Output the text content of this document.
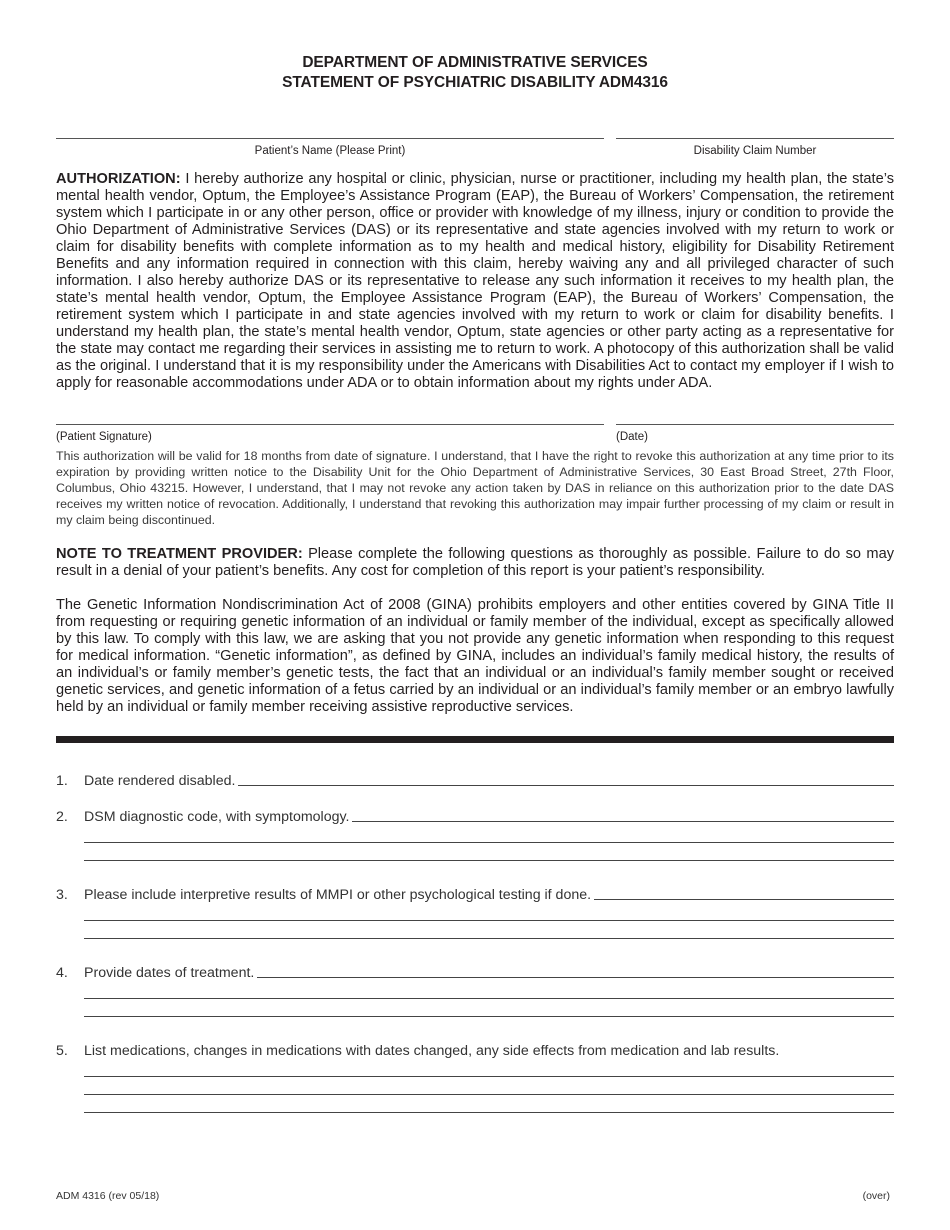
DEPARTMENT OF ADMINISTRATIVE SERVICES
STATEMENT OF PSYCHIATRIC DISABILITY ADM4316
Patient’s Name (Please Print)	Disability Claim Number

AUTHORIZATION: I hereby authorize any hospital or clinic, physician, nurse or practitioner, including my health plan, the state’s mental health vendor, Optum, the Employee’s Assistance Program (EAP), the Bureau of Workers’ Compensation, the retirement system which I participate in or any other person, office or provider with knowledge of my illness, injury or condition to provide the Ohio Department of Administrative Services (DAS) or its representative and state agencies involved with my return to work or claim for disability benefits with complete information as to my health and medical history, eligibility for Disability Retirement Benefits and any information required in connection with this claim, hereby waiving any and all privileged character of such information. I also hereby authorize DAS or its representative to release any such information it receives to my health plan, the state’s mental health vendor, Optum, the Employee Assistance Program (EAP), the Bureau of Workers’ Compensation, the retirement system which I participate in and state agencies involved with my return to work or claim for disability benefits. I understand my health plan, the state’s mental health vendor, Optum, state agencies or other party acting as a representative for the state may contact me regarding their services in assisting me to return to work. A photocopy of this authorization shall be valid as the original. I understand that it is my responsibility under the Americans with Disabilities Act to contact my employer if I wish to apply for reasonable accommodations under ADA or to obtain information about my rights under ADA.

(Patient Signature)	(Date)

This authorization will be valid for 18 months from date of signature. I understand, that I have the right to revoke this authorization at any time prior to its expiration by providing written notice to the Disability Unit for the Ohio Department of Administrative Services, 30 East Broad Street, 27th Floor, Columbus, Ohio 43215. However, I understand, that I may not revoke any action taken by DAS in reliance on this authorization prior to the date DAS receives my written notice of revocation. Additionally, I understand that revoking this authorization may impair further processing of my claim or result in my claim being discontinued.

NOTE TO TREATMENT PROVIDER: Please complete the following questions as thoroughly as possible. Failure to do so may result in a denial of your patient’s benefits. Any cost for completion of this report is your patient’s responsibility.

The Genetic Information Nondiscrimination Act of 2008 (GINA) prohibits employers and other entities covered by GINA Title II from requesting or requiring genetic information of an individual or family member of the individual, except as specifically allowed by this law. To comply with this law, we are asking that you not provide any genetic information when responding to this request for medical information. “Genetic information”, as defined by GINA, includes an individual’s family medical history, the results of an individual’s or family member’s genetic tests, the fact that an individual or an individual’s family member sought or received genetic services, and genetic information of a fetus carried by an individual or an individual’s family member or an embryo lawfully held by an individual or family member receiving assistive reproductive services.

1.	Date rendered disabled.
2.	DSM diagnostic code, with symptomology.
3.	Please include interpretive results of MMPI or other psychological testing if done.
4.	Provide dates of treatment.
5.	List medications, changes in medications with dates changed, any side effects from medication and lab results.
ADM 4316 (rev 05/18)	(over)
